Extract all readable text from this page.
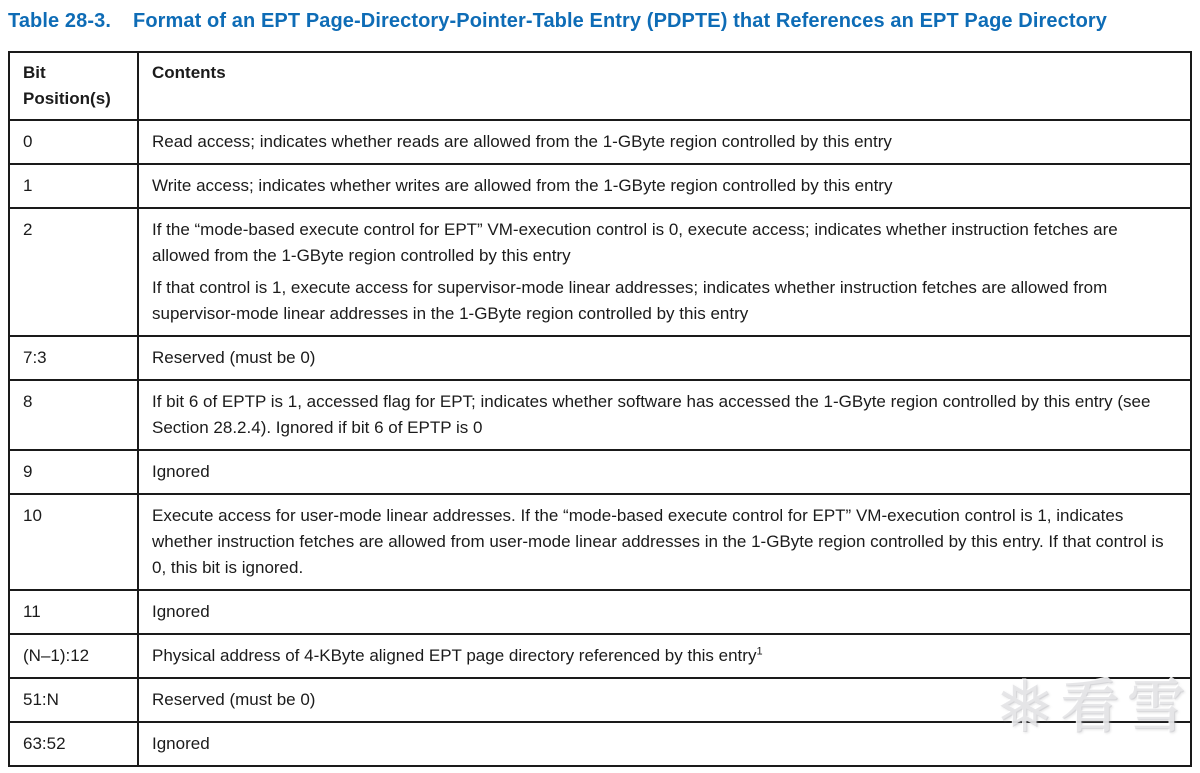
Table 28-3. Format of an EPT Page-Directory-Pointer-Table Entry (PDPTE) that References an EPT Page Directory
Bit Position(s)	Contents
0	Read access; indicates whether reads are allowed from the 1-GByte region controlled by this entry

1	Write access; indicates whether writes are allowed from the 1-GByte region controlled by this entry

2	If the “mode-based execute control for EPT” VM-execution control is 0, execute access; indicates whether instruction fetches are allowed from the 1-GByte region controlled by this entry

If that control is 1, execute access for supervisor-mode linear addresses; indicates whether instruction fetches are allowed from supervisor-mode linear addresses in the 1-GByte region controlled by this entry

7:3	Reserved (must be 0)

8	If bit 6 of EPTP is 1, accessed flag for EPT; indicates whether software has accessed the 1-GByte region controlled by this entry (see Section 28.2.4). Ignored if bit 6 of EPTP is 0

9	Ignored

10	Execute access for user-mode linear addresses. If the “mode-based execute control for EPT” VM-execution control is 1, indicates whether instruction fetches are allowed from user-mode linear addresses in the 1-GByte region controlled by this entry. If that control is 0, this bit is ignored.

11	Ignored

(N–1):12	Physical address of 4-KByte aligned EPT page directory referenced by this entry$^1$

51:N	Reserved (must be 0)

63:52	Ignored	❅ 看雪
